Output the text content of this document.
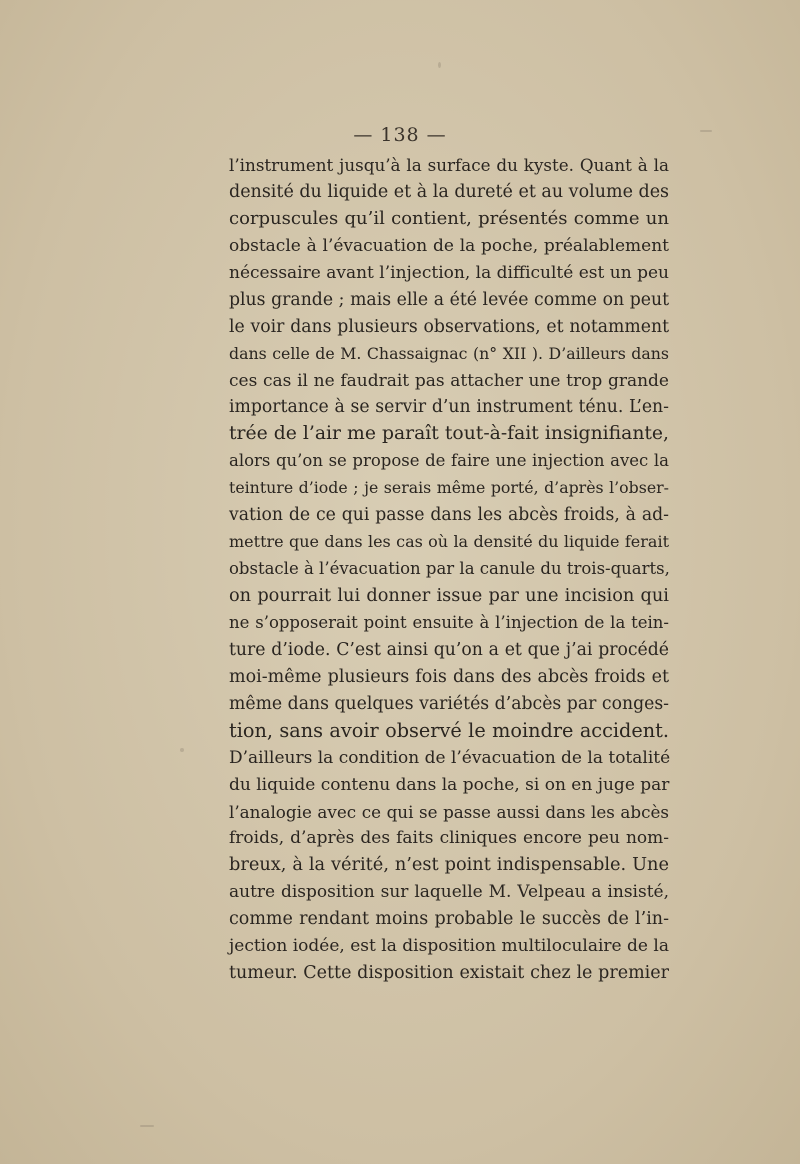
— 138 —
l’instrument jusqu’à la surface du kyste. Quant à la
densité du liquide et à la dureté et au volume des
corpuscules qu’il contient, présentés comme un
obstacle à l’évacuation de la poche, préalablement
nécessaire avant l’injection, la difficulté est un peu
plus grande ; mais elle a été levée comme on peut
le voir dans plusieurs observations, et notamment
dans celle de M. Chassaignac (n° XII ). D’ailleurs dans
ces cas il ne faudrait pas attacher une trop grande
importance à se servir d’un instrument ténu. L’en-
trée de l’air me paraît tout-à-fait insignifiante,
alors qu’on se propose de faire une injection avec la
teinture d’iode ; je serais même porté, d’après l’obser-
vation de ce qui passe dans les abcès froids, à ad-
mettre que dans les cas où la densité du liquide ferait
obstacle à l’évacuation par la canule du trois-quarts,
on pourrait lui donner issue par une incision qui
ne s’opposerait point ensuite à l’injection de la tein-
ture d’iode. C’est ainsi qu’on a et que j’ai procédé
moi-même plusieurs fois dans des abcès froids et
même dans quelques variétés d’abcès par conges-
tion, sans avoir observé le moindre accident.
D’ailleurs la condition de l’évacuation de la totalité
du liquide contenu dans la poche, si on en juge par
l’analogie avec ce qui se passe aussi dans les abcès
froids, d’après des faits cliniques encore peu nom-
breux, à la vérité, n’est point indispensable. Une
autre disposition sur laquelle M. Velpeau a insisté,
comme rendant moins probable le succès de l’in-
jection iodée, est la disposition multiloculaire de la
tumeur. Cette disposition existait chez le premier
